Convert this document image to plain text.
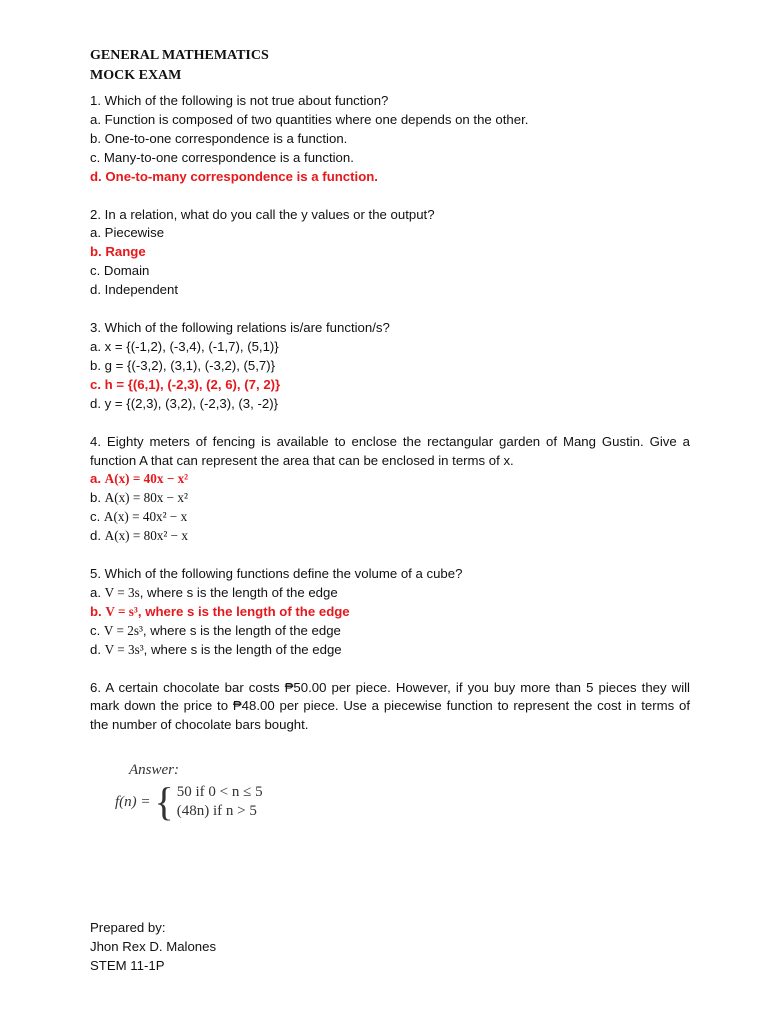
GENERAL MATHEMATICS
MOCK EXAM
1. Which of the following is not true about function?
a. Function is composed of two quantities where one depends on the other.
b. One-to-one correspondence is a function.
c. Many-to-one correspondence is a function.
d. One-to-many correspondence is a function.
2. In a relation, what do you call the y values or the output?
a. Piecewise
b. Range
c. Domain
d. Independent
3. Which of the following relations is/are function/s?
a. x = {(-1,2), (-3,4), (-1,7), (5,1)}
b. g = {(-3,2), (3,1), (-3,2), (5,7)}
c. h = {(6,1), (-2,3), (2, 6), (7, 2)}
d. y = {(2,3), (3,2), (-2,3), (3, -2)}
4. Eighty meters of fencing is available to enclose the rectangular garden of Mang Gustin. Give a function A that can represent the area that can be enclosed in terms of x.
a. A(x) = 40x − x²
b. A(x) = 80x − x²
c. A(x) = 40x² − x
d. A(x) = 80x² − x
5. Which of the following functions define the volume of a cube?
a. V = 3s, where s is the length of the edge
b. V = s³, where s is the length of the edge
c. V = 2s³, where s is the length of the edge
d. V = 3s³, where s is the length of the edge
6. A certain chocolate bar costs ₱50.00 per piece. However, if you buy more than 5 pieces they will mark down the price to ₱48.00 per piece. Use a piecewise function to represent the cost in terms of the number of chocolate bars bought.
Answer:
f(n) = { 50 if 0 < n ≤ 5
(48n) if n > 5
Prepared by:
Jhon Rex D. Malones
STEM 11-1P
